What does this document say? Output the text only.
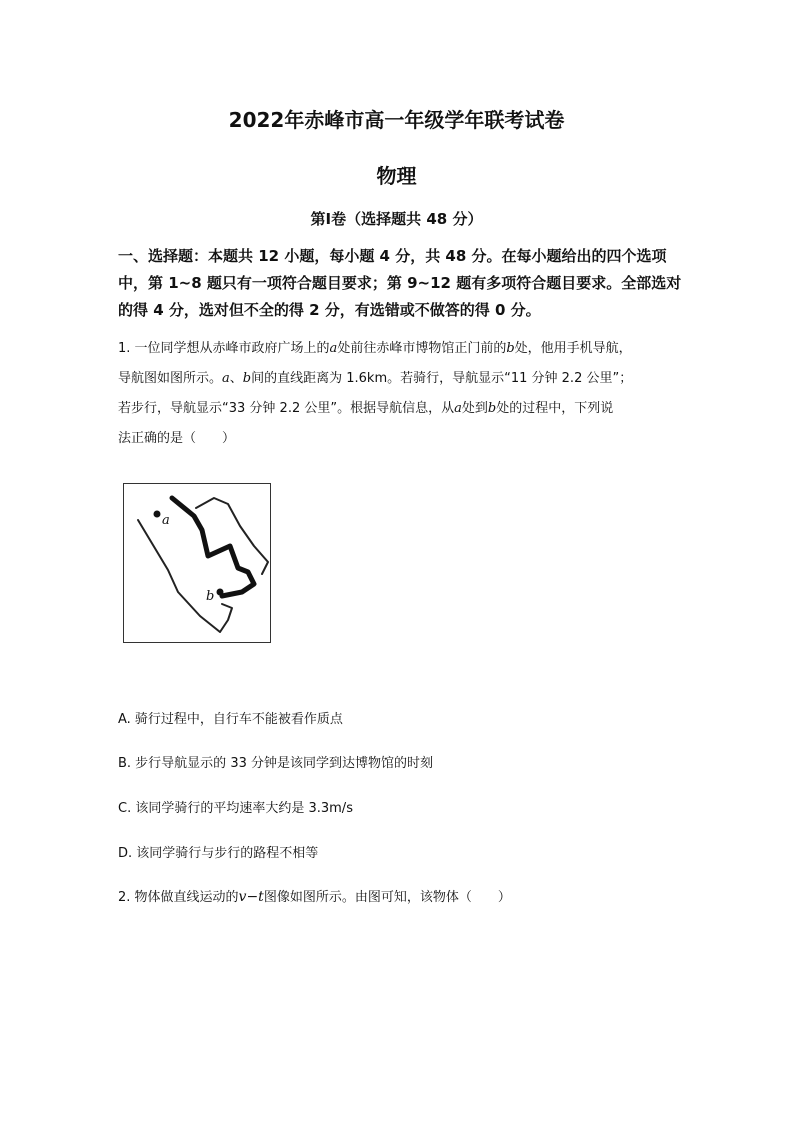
2022年赤峰市高一年级学年联考试卷
物理
第Ⅰ卷（选择题共 48 分）
一、选择题：本题共 12 小题，每小题 4 分，共 48 分。在每小题给出的四个选项中，第 1~8 题只有一项符合题目要求；第 9~12 题有多项符合题目要求。全部选对的得 4 分，选对但不全的得 2 分，有选错或不做答的得 0 分。
1. 一位同学想从赤峰市政府广场上的a处前往赤峰市博物馆正门前的b处，他用手机导航，
导航图如图所示。a、b间的直线距离为 1.6km。若骑行，导航显示“11 分钟 2.2 公里”；
若步行，导航显示“33 分钟 2.2 公里”。根据导航信息，从a处到b处的过程中，下列说
法正确的是（　　）
a
b
A. 骑行过程中，自行车不能被看作质点
B. 步行导航显示的 33 分钟是该同学到达博物馆的时刻
C. 该同学骑行的平均速率大约是 3.3m/s
D. 该同学骑行与步行的路程不相等
2. 物体做直线运动的v−t图像如图所示。由图可知，该物体（　　）
